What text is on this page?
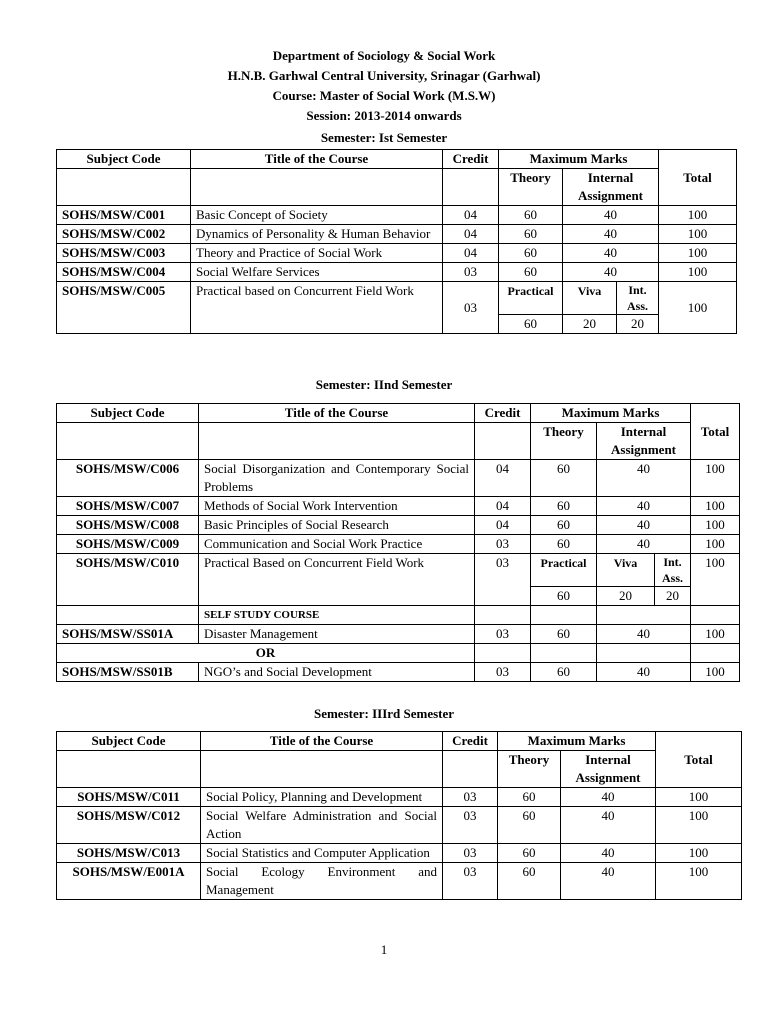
Department of Sociology & Social Work
H.N.B. Garhwal Central University, Srinagar (Garhwal)
Course: Master of Social Work (M.S.W)
Session: 2013-2014 onwards
Semester: Ist Semester
Subject Code	Title of the Course	Credit	Maximum Marks			Total
			Theory	Internal Assignment		
SOHS/MSW/C001	Basic Concept of Society	04	60	40		100
SOHS/MSW/C002	Dynamics of Personality & Human Behavior	04	60	40		100
SOHS/MSW/C003	Theory and Practice of Social Work	04	60	40		100
SOHS/MSW/C004	Social Welfare Services	03	60	40		100
SOHS/MSW/C005	Practical based on Concurrent Field Work	03	Practical	Viva	Int. Ass.	100
			60	20	20	
Semester: IInd Semester
Subject Code	Title of the Course	Credit	Maximum Marks			Total
			Theory	Internal Assignment		
SOHS/MSW/C006	Social Disorganization and Contemporary Social Problems	04	60	40		100
SOHS/MSW/C007	Methods of Social Work Intervention	04	60	40		100
SOHS/MSW/C008	Basic Principles of Social Research	04	60	40		100
SOHS/MSW/C009	Communication and Social Work Practice	03	60	40		100
SOHS/MSW/C010	Practical Based on Concurrent Field Work	03	Practical	Viva	Int. Ass.	100
			60	20	20	
	SELF STUDY COURSE					
SOHS/MSW/SS01A	Disaster Management	03	60	40		100
OR						
SOHS/MSW/SS01B	NGO’s and Social Development	03	60	40		100
Semester: IIIrd Semester
Subject Code	Title of the Course	Credit	Maximum Marks		Total
			Theory	Internal Assignment	
SOHS/MSW/C011	Social Policy, Planning and Development	03	60	40	100
SOHS/MSW/C012	Social Welfare Administration and Social Action	03	60	40	100
SOHS/MSW/C013	Social Statistics and Computer Application	03	60	40	100
SOHS/MSW/E001A	Social Ecology Environment and Management	03	60	40	100
1
